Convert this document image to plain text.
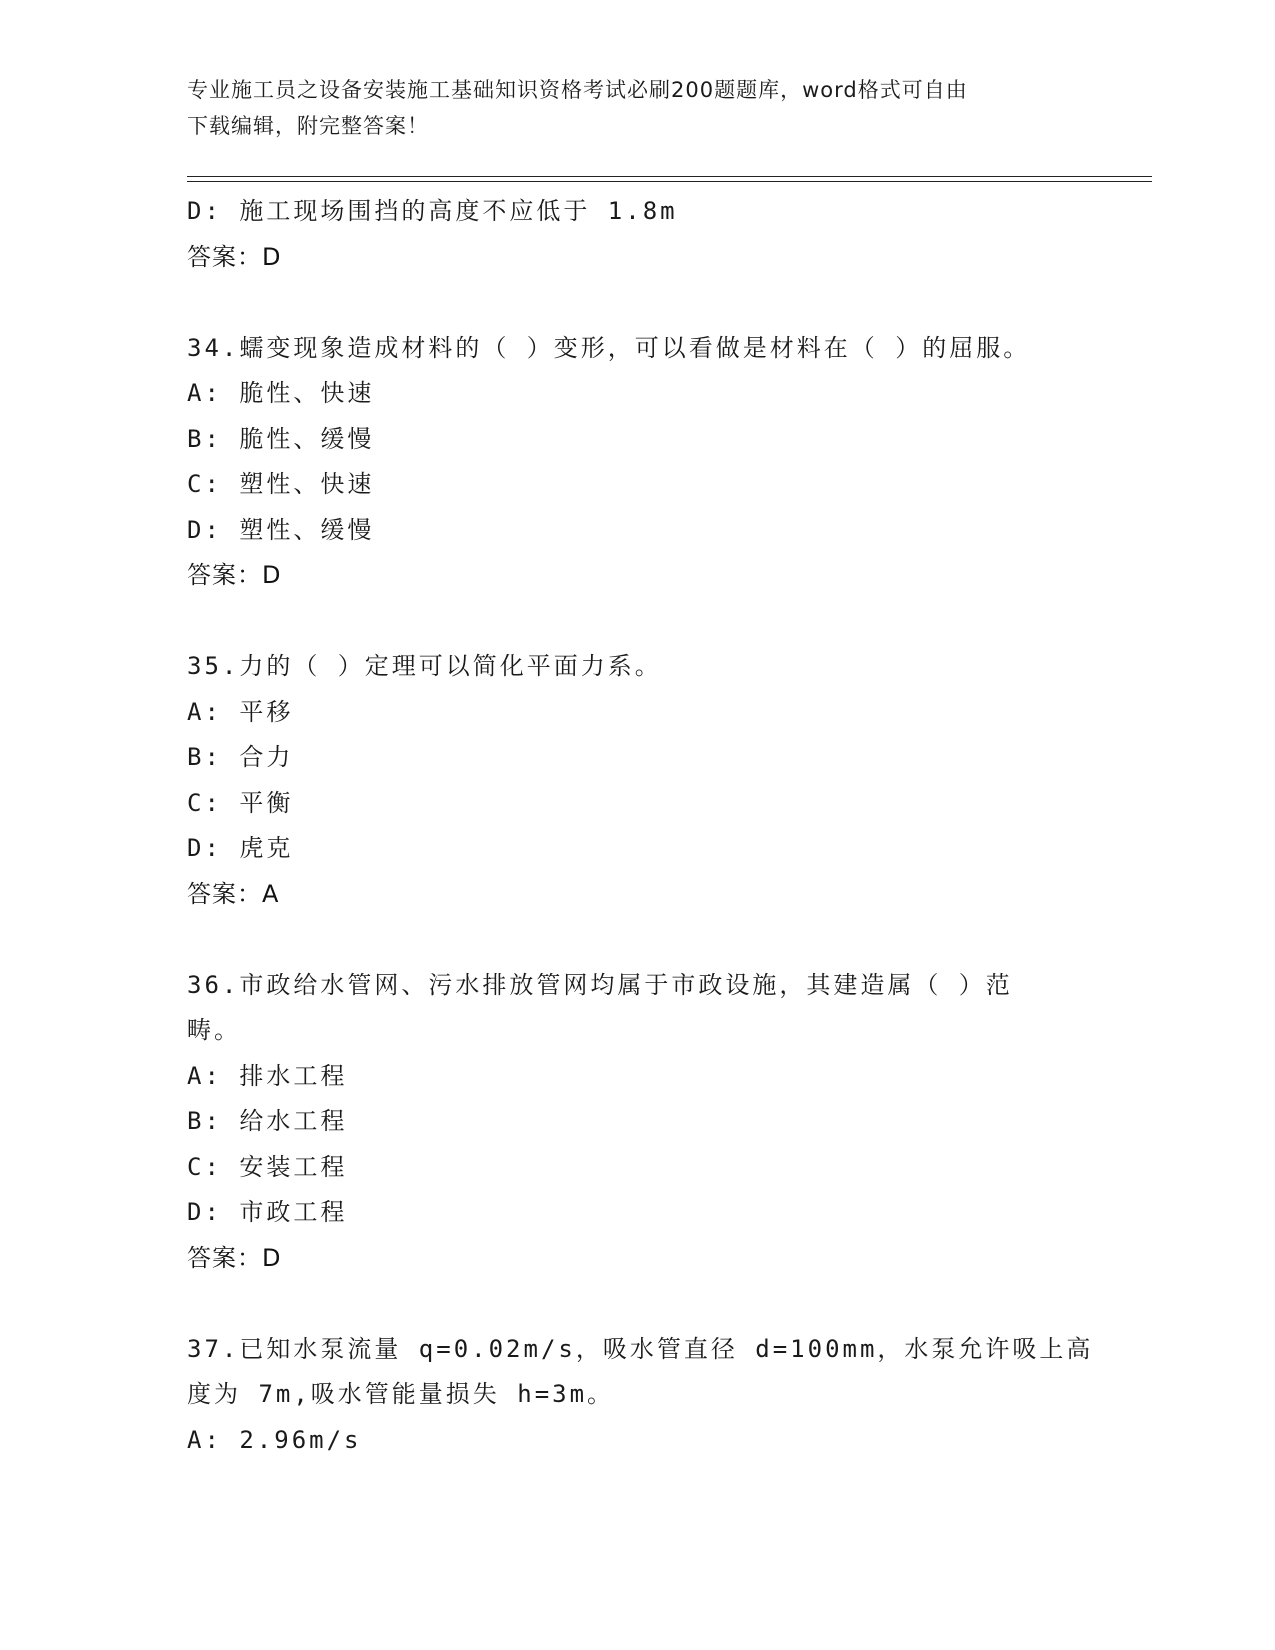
专业施工员之设备安装施工基础知识资格考试必刷200题题库，word格式可自由
下载编辑，附完整答案！
D: 施工现场围挡的高度不应低于 1.8m
答案：D
34.蠕变现象造成材料的（ ）变形，可以看做是材料在（ ）的屈服。
A: 脆性、快速
B: 脆性、缓慢
C: 塑性、快速
D: 塑性、缓慢
答案：D
35.力的（ ）定理可以简化平面力系。
A: 平移
B: 合力
C: 平衡
D: 虎克
答案：A
36.市政给水管网、污水排放管网均属于市政设施，其建造属（ ）范
畴。
A: 排水工程
B: 给水工程
C: 安装工程
D: 市政工程
答案：D
37.已知水泵流量 q=0.02m/s，吸水管直径 d=100mm，水泵允许吸上高
度为 7m,吸水管能量损失 h=3m。
A: 2.96m/s
